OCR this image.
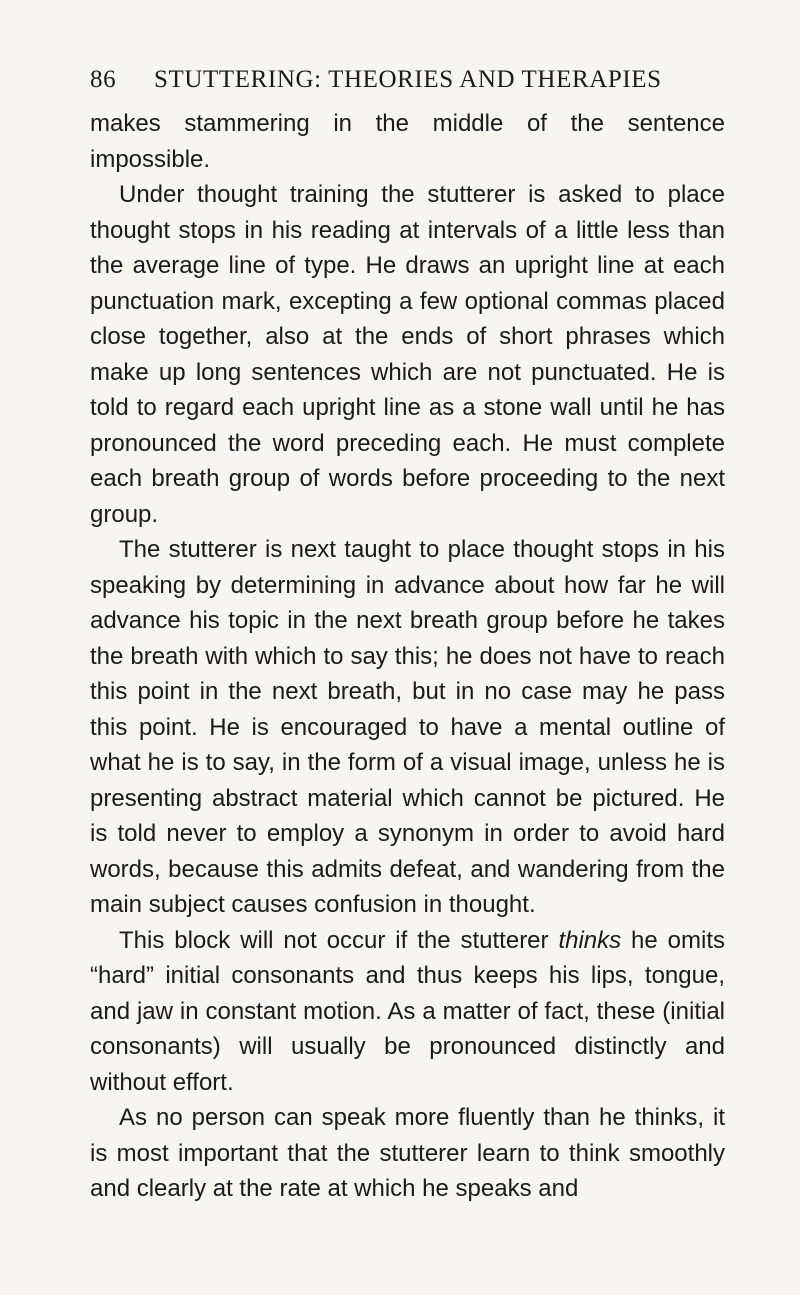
86 STUTTERING: THEORIES AND THERAPIES

makes stammering in the middle of the sentence impossible.

Under thought training the stutterer is asked to place thought stops in his reading at intervals of a little less than the average line of type. He draws an upright line at each punctuation mark, excepting a few optional commas placed close together, also at the ends of short phrases which make up long sentences which are not punctuated. He is told to regard each upright line as a stone wall until he has pronounced the word preceding each. He must complete each breath group of words before proceeding to the next group.

The stutterer is next taught to place thought stops in his speaking by determining in advance about how far he will advance his topic in the next breath group before he takes the breath with which to say this; he does not have to reach this point in the next breath, but in no case may he pass this point. He is encouraged to have a mental outline of what he is to say, in the form of a visual image, unless he is presenting abstract material which cannot be pictured. He is told never to employ a synonym in order to avoid hard words, because this admits defeat, and wandering from the main subject causes confusion in thought.

This block will not occur if the stutterer thinks he omits “hard” initial consonants and thus keeps his lips, tongue, and jaw in constant motion. As a matter of fact, these (initial consonants) will usually be pronounced distinctly and without effort.

As no person can speak more fluently than he thinks, it is most important that the stutterer learn to think smoothly and clearly at the rate at which he speaks and
